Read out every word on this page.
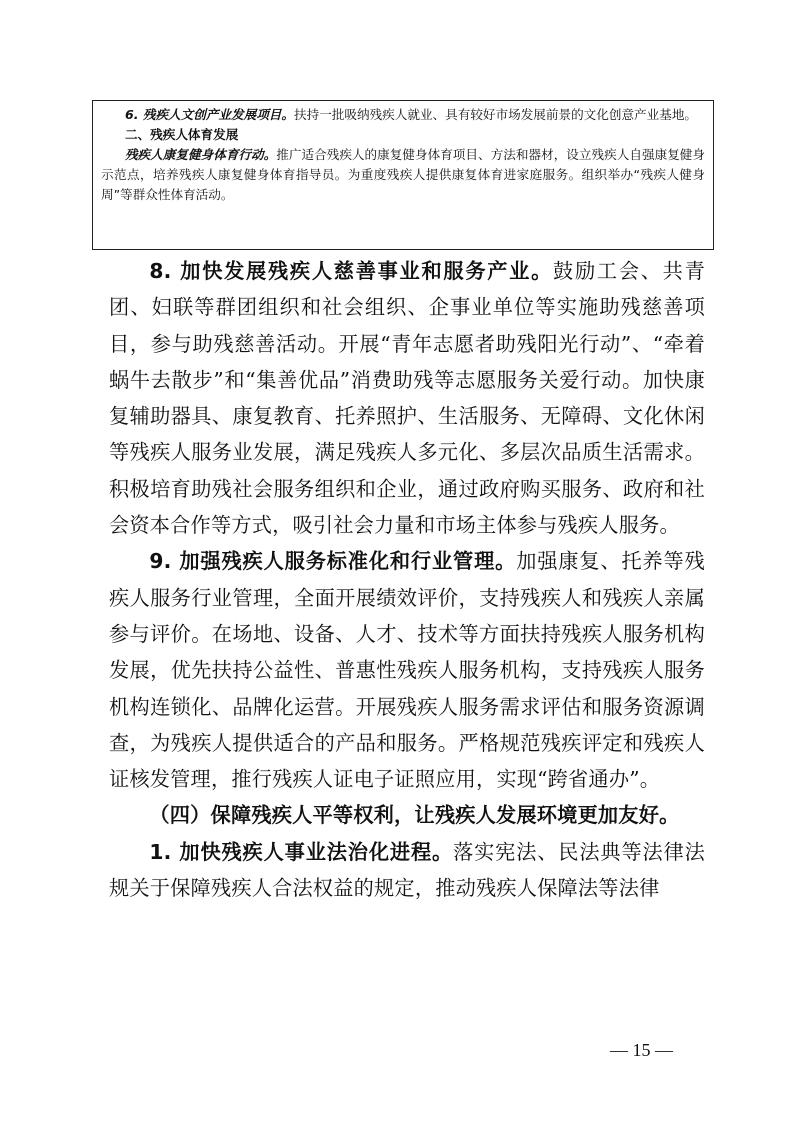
6. 残疾人文创产业发展项目。扶持一批吸纳残疾人就业、具有较好市场发展前景的文化创意产业基地。

二、残疾人体育发展

残疾人康复健身体育行动。推广适合残疾人的康复健身体育项目、方法和器材，设立残疾人自强康复健身示范点，培养残疾人康复健身体育指导员。为重度残疾人提供康复体育进家庭服务。组织举办“残疾人健身周”等群众性体育活动。

8. 加快发展残疾人慈善事业和服务产业。鼓励工会、共青团、妇联等群团组织和社会组织、企事业单位等实施助残慈善项目，参与助残慈善活动。开展“青年志愿者助残阳光行动”、“牵着蜗牛去散步”和“集善优品”消费助残等志愿服务关爱行动。加快康复辅助器具、康复教育、托养照护、生活服务、无障碍、文化休闲等残疾人服务业发展，满足残疾人多元化、多层次品质生活需求。积极培育助残社会服务组织和企业，通过政府购买服务、政府和社会资本合作等方式，吸引社会力量和市场主体参与残疾人服务。

9. 加强残疾人服务标准化和行业管理。加强康复、托养等残疾人服务行业管理，全面开展绩效评价，支持残疾人和残疾人亲属参与评价。在场地、设备、人才、技术等方面扶持残疾人服务机构发展，优先扶持公益性、普惠性残疾人服务机构，支持残疾人服务机构连锁化、品牌化运营。开展残疾人服务需求评估和服务资源调查，为残疾人提供适合的产品和服务。严格规范残疾评定和残疾人证核发管理，推行残疾人证电子证照应用，实现“跨省通办”。

（四）保障残疾人平等权利，让残疾人发展环境更加友好。

1. 加快残疾人事业法治化进程。落实宪法、民法典等法律法规关于保障残疾人合法权益的规定，推动残疾人保障法等法律

— 15 —
